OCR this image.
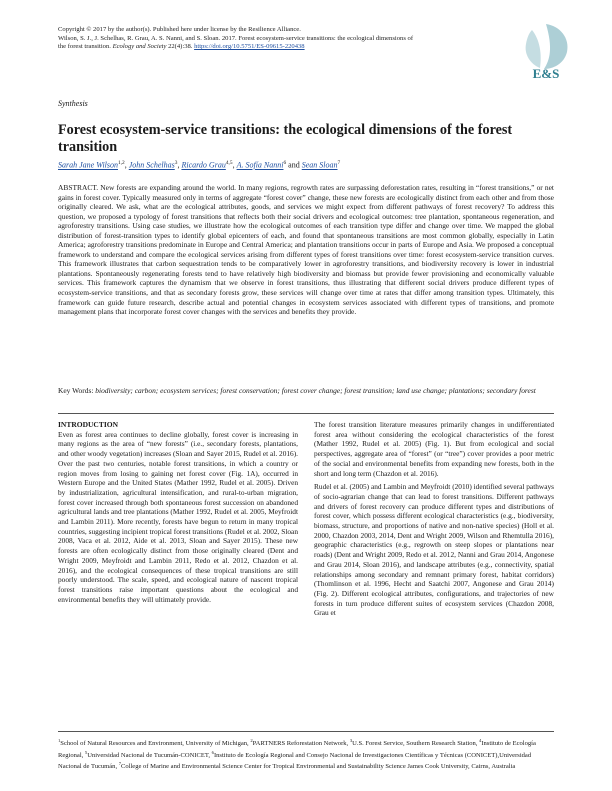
Copyright © 2017 by the author(s). Published here under license by the Resilience Alliance.
Wilson, S. J., J. Schelhas, R. Grau, A. S. Nanni, and S. Sloan. 2017. Forest ecosystem-service transitions: the ecological dimensions of
the forest transition. Ecology and Society 22(4):38. https://doi.org/10.5751/ES-09615-220438
E&S
Synthesis
Forest ecosystem-service transitions: the ecological dimensions of the forest transition
Sarah Jane Wilson$^{1,2}$, John Schelhas$^3$, Ricardo Grau$^{4,5}$, A. Sofía Nanni$^6$ and Sean Sloan$^7$
ABSTRACT. New forests are expanding around the world. In many regions, regrowth rates are surpassing deforestation rates, resulting in “forest transitions,” or net gains in forest cover. Typically measured only in terms of aggregate “forest cover” change, these new forests are ecologically distinct from each other and from those originally cleared. We ask, what are the ecological attributes, goods, and services we might expect from different pathways of forest recovery? To address this question, we proposed a typology of forest transitions that reflects both their social drivers and ecological outcomes: tree plantation, spontaneous regeneration, and agroforestry transitions. Using case studies, we illustrate how the ecological outcomes of each transition type differ and change over time. We mapped the global distribution of forest-transition types to identify global epicenters of each, and found that spontaneous transitions are most common globally, especially in Latin America; agroforestry transitions predominate in Europe and Central America; and plantation transitions occur in parts of Europe and Asia. We proposed a conceptual framework to understand and compare the ecological services arising from different types of forest transitions over time: forest ecosystem-service transition curves. This framework illustrates that carbon sequestration tends to be comparatively lower in agroforestry transitions, and biodiversity recovery is lower in industrial plantations. Spontaneously regenerating forests tend to have relatively high biodiversity and biomass but provide fewer provisioning and economically valuable services. This framework captures the dynamism that we observe in forest transitions, thus illustrating that different social drivers produce different types of ecosystem-service transitions, and that as secondary forests grow, these services will change over time at rates that differ among transition types. Ultimately, this framework can guide future research, describe actual and potential changes in ecosystem services associated with different types of transitions, and promote management plans that incorporate forest cover changes with the services and benefits they provide.
Key Words: biodiversity; carbon; ecosystem services; forest conservation; forest cover change; forest transition; land use change; plantations; secondary forest
INTRODUCTION

Even as forest area continues to decline globally, forest cover is increasing in many regions as the area of “new forests” (i.e., secondary forests, plantations, and other woody vegetation) increases (Sloan and Sayer 2015, Rudel et al. 2016). Over the past two centuries, notable forest transitions, in which a country or region moves from losing to gaining net forest cover (Fig. 1A), occurred in Western Europe and the United States (Mather 1992, Rudel et al. 2005). Driven by industrialization, agricultural intensification, and rural-to-urban migration, forest cover increased through both spontaneous forest succession on abandoned agricultural lands and tree plantations (Mather 1992, Rudel et al. 2005, Meyfroidt and Lambin 2011). More recently, forests have begun to return in many tropical countries, suggesting incipient tropical forest transitions (Rudel et al. 2002, Sloan 2008, Vaca et al. 2012, Aide et al. 2013, Sloan and Sayer 2015). These new forests are often ecologically distinct from those originally cleared (Dent and Wright 2009, Meyfroidt and Lambin 2011, Redo et al. 2012, Chazdon et al. 2016), and the ecological consequences of these tropical transitions are still poorly understood. The scale, speed, and ecological nature of nascent tropical forest transitions raise important questions about the ecological and environmental benefits they will ultimately provide.

The forest transition literature measures primarily changes in undifferentiated forest area without considering the ecological characteristics of the forest (Mather 1992, Rudel et al. 2005) (Fig. 1). But from ecological and social perspectives, aggregate area of “forest” (or “tree”) cover provides a poor metric of the social and environmental benefits from expanding new forests, both in the short and long term (Chazdon et al. 2016).

Rudel et al. (2005) and Lambin and Meyfroidt (2010) identified several pathways of socio-agrarian change that can lead to forest transitions. Different pathways and drivers of forest recovery can produce different types and distributions of forest cover, which possess different ecological characteristics (e.g., biodiversity, biomass, structure, and proportions of native and non-native species) (Holl et al. 2000, Chazdon 2003, 2014, Dent and Wright 2009, Wilson and Rhemtulla 2016), geographic characteristics (e.g., regrowth on steep slopes or plantations near roads) (Dent and Wright 2009, Redo et al. 2012, Nanni and Grau 2014, Angonese and Grau 2014, Sloan 2016), and landscape attributes (e.g., connectivity, spatial relationships among secondary and remnant primary forest, habitat corridors) (Thomlinson et al. 1996, Hecht and Saatchi 2007, Angonese and Grau 2014) (Fig. 2). Different ecological attributes, configurations, and trajectories of new forests in turn produce different suites of ecosystem services (Chazdon 2008, Grau et

$^1$School of Natural Resources and Environment, University of Michigan, $^2$PARTNERS Reforestation Network, $^3$U.S. Forest Service, Southern Research Station, $^4$Instituto de Ecología Regional, $^5$Universidad Nacional de Tucumán-CONICET, $^6$Instituto de Ecología Regional and Consejo Nacional de Investigaciones Científicas y Técnicas (CONICET),Universidad Nacional de Tucumán, $^7$College of Marine and Environmental Science Center for Tropical Environmental and Sustainability Science James Cook University, Cairns, Australia
